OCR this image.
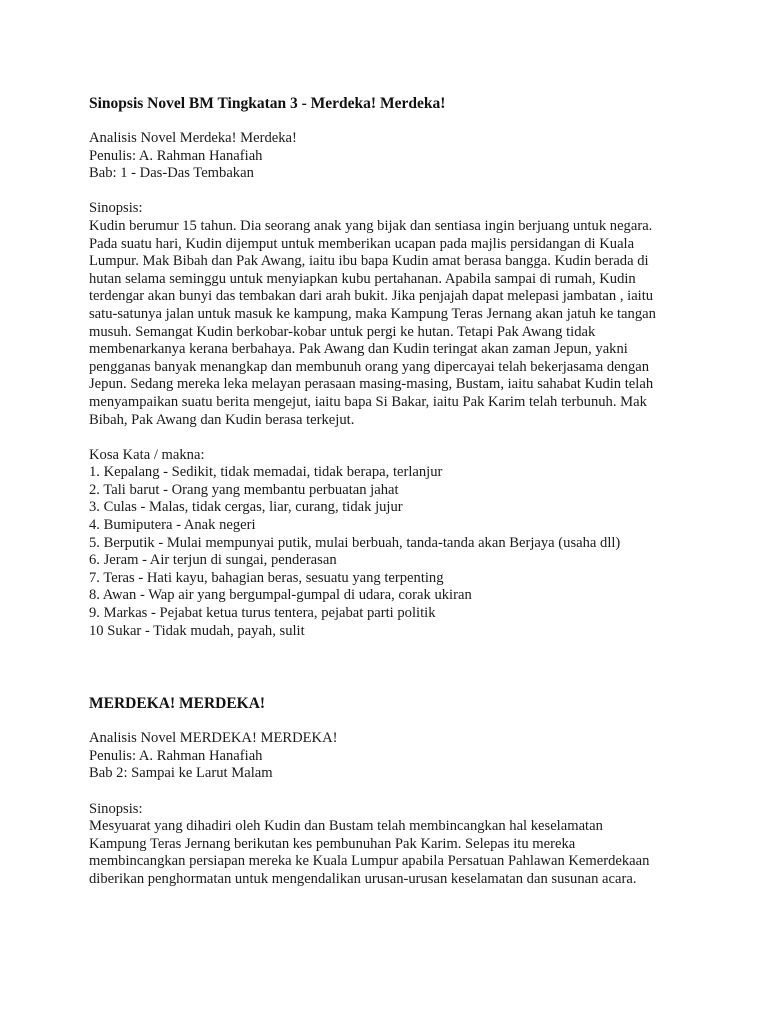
Sinopsis Novel BM Tingkatan 3 - Merdeka! Merdeka!

Analisis Novel Merdeka! Merdeka!

Penulis: A. Rahman Hanafiah

Bab: 1 - Das-Das Tembakan

Sinopsis:

Kudin berumur 15 tahun. Dia seorang anak yang bijak dan sentiasa ingin berjuang untuk negara.
Pada suatu hari, Kudin dijemput untuk memberikan ucapan pada majlis persidangan di Kuala
Lumpur. Mak Bibah dan Pak Awang, iaitu ibu bapa Kudin amat berasa bangga. Kudin berada di
hutan selama seminggu untuk menyiapkan kubu pertahanan. Apabila sampai di rumah, Kudin
terdengar akan bunyi das tembakan dari arah bukit. Jika penjajah dapat melepasi jambatan , iaitu
satu-satunya jalan untuk masuk ke kampung, maka Kampung Teras Jernang akan jatuh ke tangan
musuh. Semangat Kudin berkobar-kobar untuk pergi ke hutan. Tetapi Pak Awang tidak
membenarkanya kerana berbahaya. Pak Awang dan Kudin teringat akan zaman Jepun, yakni
pengganas banyak menangkap dan membunuh orang yang dipercayai telah bekerjasama dengan
Jepun. Sedang mereka leka melayan perasaan masing-masing, Bustam, iaitu sahabat Kudin telah
menyampaikan suatu berita mengejut, iaitu bapa Si Bakar, iaitu Pak Karim telah terbunuh. Mak
Bibah, Pak Awang dan Kudin berasa terkejut.

Kosa Kata / makna:

1. Kepalang - Sedikit, tidak memadai, tidak berapa, terlanjur
2. Tali barut - Orang yang membantu perbuatan jahat
3. Culas - Malas, tidak cergas, liar, curang, tidak jujur
4. Bumiputera - Anak negeri
5. Berputik - Mulai mempunyai putik, mulai berbuah, tanda-tanda akan Berjaya (usaha dll)
6. Jeram - Air terjun di sungai, penderasan
7. Teras - Hati kayu, bahagian beras, sesuatu yang terpenting
8. Awan - Wap air yang bergumpal-gumpal di udara, corak ukiran
9. Markas - Pejabat ketua turus tentera, pejabat parti politik
10 Sukar - Tidak mudah, payah, sulit
MERDEKA! MERDEKA!

Analisis Novel MERDEKA! MERDEKA!

Penulis: A. Rahman Hanafiah

Bab 2: Sampai ke Larut Malam

Sinopsis:

Mesyuarat yang dihadiri oleh Kudin dan Bustam telah membincangkan hal keselamatan
Kampung Teras Jernang berikutan kes pembunuhan Pak Karim. Selepas itu mereka
membincangkan persiapan mereka ke Kuala Lumpur apabila Persatuan Pahlawan Kemerdekaan
diberikan penghormatan untuk mengendalikan urusan-urusan keselamatan dan susunan acara.
